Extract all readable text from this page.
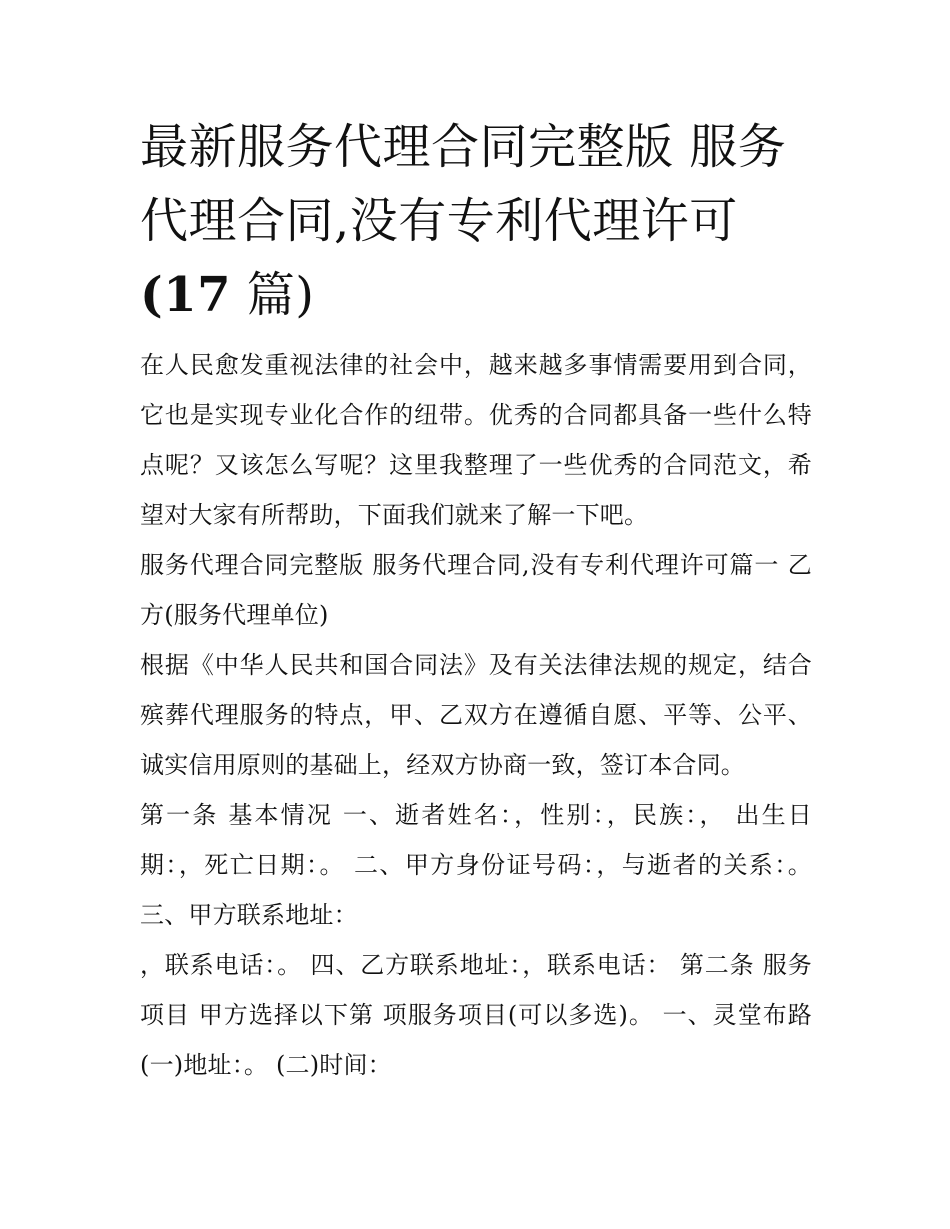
最新服务代理合同完整版 服务
代理合同,没有专利代理许可
(17 篇)

在人民愈发重视法律的社会中，越来越多事情需要用到合同，它也是实现专业化合作的纽带。优秀的合同都具备一些什么特点呢？又该怎么写呢？这里我整理了一些优秀的合同范文，希望对大家有所帮助，下面我们就来了解一下吧。

服务代理合同完整版 服务代理合同,没有专利代理许可篇一 乙方(服务代理单位)

根据《中华人民共和国合同法》及有关法律法规的规定，结合殡葬代理服务的特点，甲、乙双方在遵循自愿、平等、公平、诚实信用原则的基础上，经双方协商一致，签订本合同。

第一条 基本情况 一、逝者姓名：，性别：，民族：， 出生日期：，死亡日期：。 二、甲方身份证号码：，与逝者的关系：。 三、甲方联系地址：

，联系电话：。 四、乙方联系地址：，联系电话： 第二条 服务项目 甲方选择以下第 项服务项目(可以多选)。 一、灵堂布路 (一)地址：。 (二)时间：
